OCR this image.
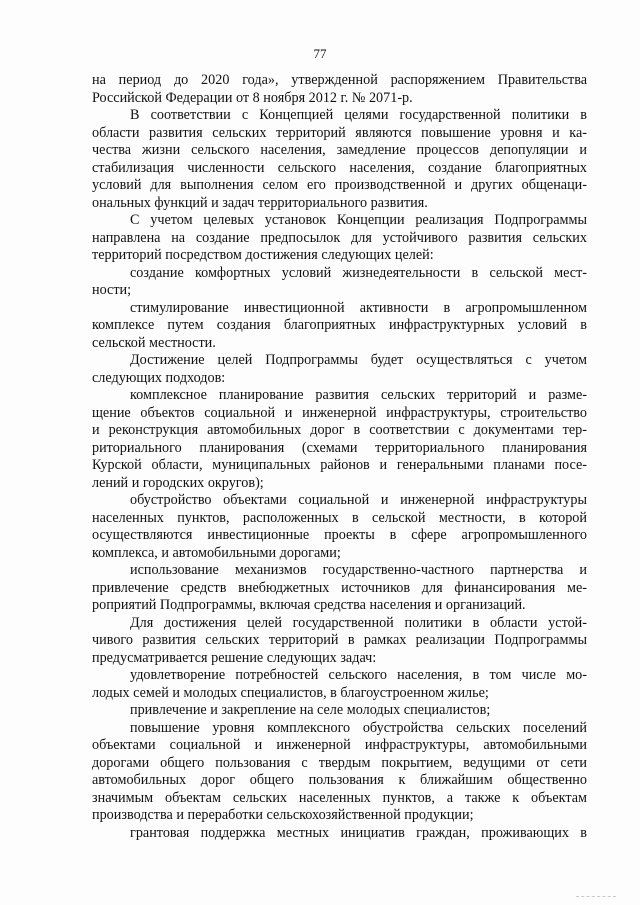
77
на период до 2020 года», утвержденной распоряжением Правительства
Российской Федерации от 8 ноября 2012 г. № 2071-р.
В соответствии с Концепцией целями государственной политики в
области развития сельских территорий являются повышение уровня и ка-
чества жизни сельского населения, замедление процессов депопуляции и
стабилизация численности сельского населения, создание благоприятных
условий для выполнения селом его производственной и других общенаци-
ональных функций и задач территориального развития.
С учетом целевых установок Концепции реализация Подпрограммы
направлена на создание предпосылок для устойчивого развития сельских
территорий посредством достижения следующих целей:
создание комфортных условий жизнедеятельности в сельской мест-
ности;
стимулирование инвестиционной активности в агропромышленном
комплексе путем создания благоприятных инфраструктурных условий в
сельской местности.
Достижение целей Подпрограммы будет осуществляться с учетом
следующих подходов:
комплексное планирование развития сельских территорий и разме-
щение объектов социальной и инженерной инфраструктуры, строительство
и реконструкция автомобильных дорог в соответствии с документами тер-
риториального планирования (схемами территориального планирования
Курской области, муниципальных районов и генеральными планами посе-
лений и городских округов);
обустройство объектами социальной и инженерной инфраструктуры
населенных пунктов, расположенных в сельской местности, в которой
осуществляются инвестиционные проекты в сфере агропромышленного
комплекса, и автомобильными дорогами;
использование механизмов государственно-частного партнерства и
привлечение средств внебюджетных источников для финансирования ме-
роприятий Подпрограммы, включая средства населения и организаций.
Для достижения целей государственной политики в области устой-
чивого развития сельских территорий в рамках реализации Подпрограммы
предусматривается решение следующих задач:
удовлетворение потребностей сельского населения, в том числе мо-
лодых семей и молодых специалистов, в благоустроенном жилье;
привлечение и закрепление на селе молодых специалистов;
повышение уровня комплексного обустройства сельских поселений
объектами социальной и инженерной инфраструктуры, автомобильными
дорогами общего пользования с твердым покрытием, ведущими от сети
автомобильных дорог общего пользования к ближайшим общественно
значимым объектам сельских населенных пунктов, а также к объектам
производства и переработки сельскохозяйственной продукции;
грантовая поддержка местных инициатив граждан, проживающих в
